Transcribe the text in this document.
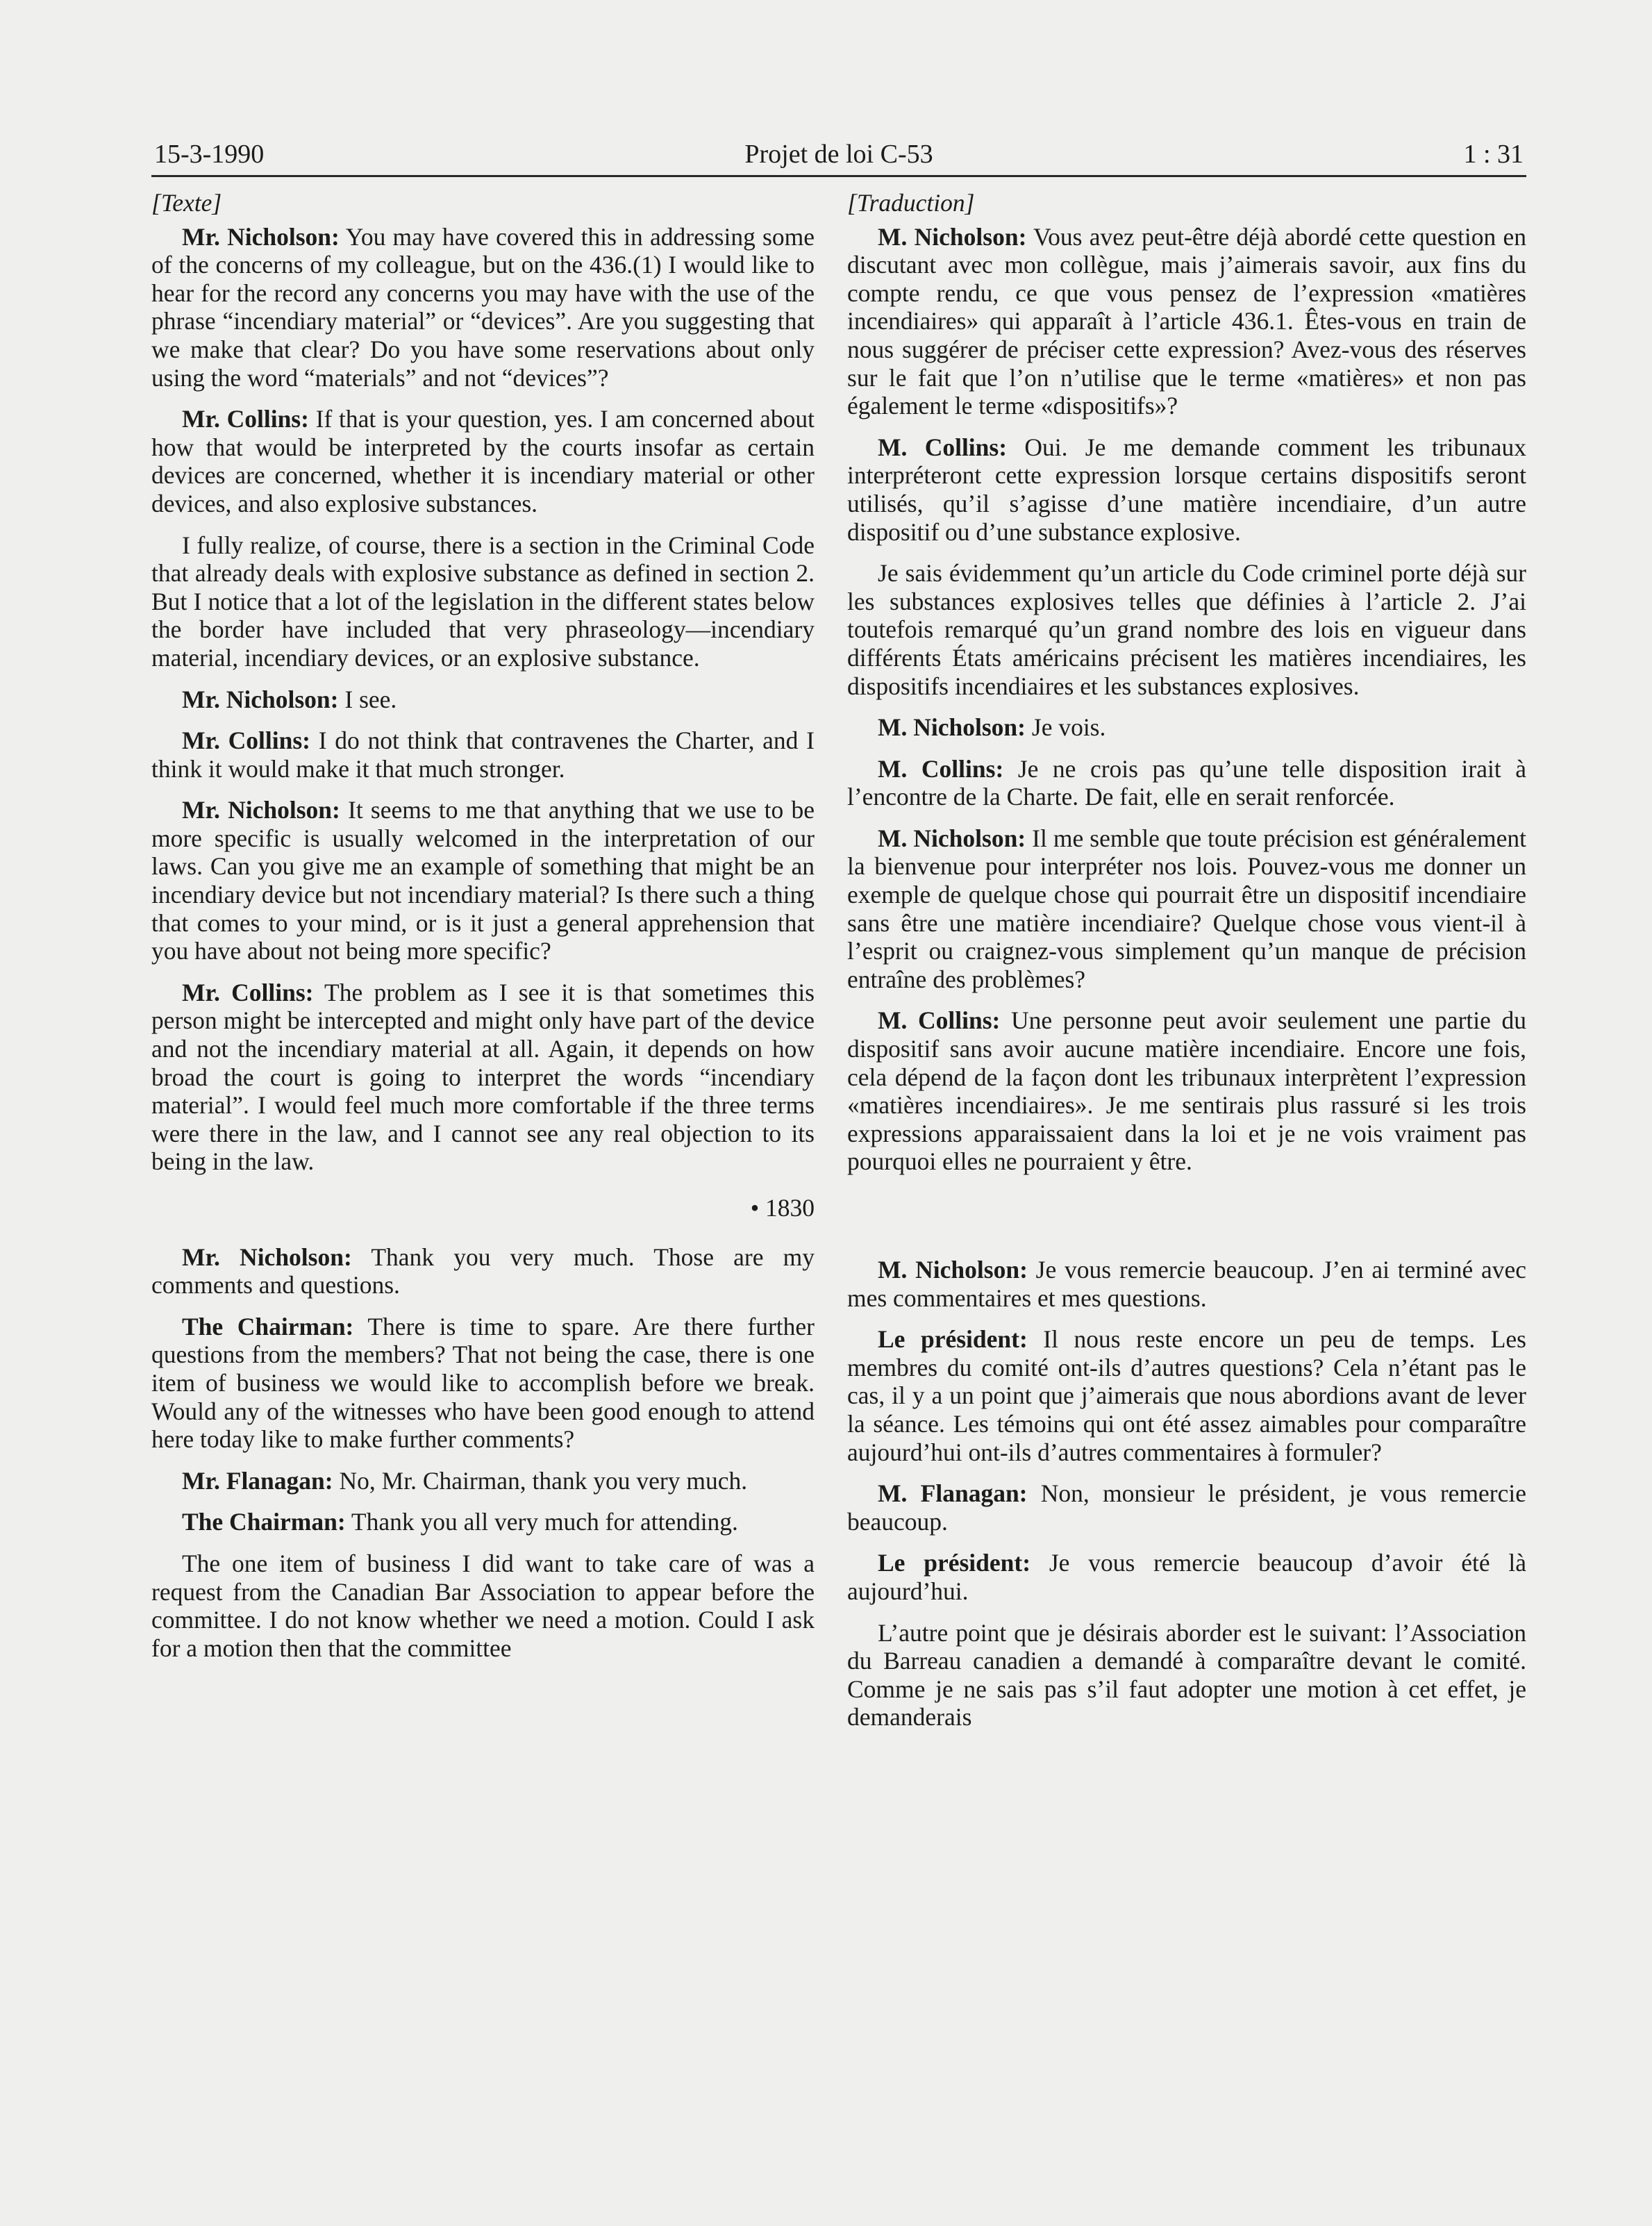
15-3-1990	Projet de loi C-53	1 : 31
[Texte]
Mr. Nicholson: You may have covered this in addressing some of the concerns of my colleague, but on the 436.(1) I would like to hear for the record any concerns you may have with the use of the phrase “incendiary material” or “devices”. Are you suggesting that we make that clear? Do you have some reservations about only using the word “materials” and not “devices”?
Mr. Collins: If that is your question, yes. I am concerned about how that would be interpreted by the courts insofar as certain devices are concerned, whether it is incendiary material or other devices, and also explosive substances.
I fully realize, of course, there is a section in the Criminal Code that already deals with explosive substance as defined in section 2. But I notice that a lot of the legislation in the different states below the border have included that very phraseology—incendiary material, incendiary devices, or an explosive substance.
Mr. Nicholson: I see.
Mr. Collins: I do not think that contravenes the Charter, and I think it would make it that much stronger.
Mr. Nicholson: It seems to me that anything that we use to be more specific is usually welcomed in the interpretation of our laws. Can you give me an example of something that might be an incendiary device but not incendiary material? Is there such a thing that comes to your mind, or is it just a general apprehension that you have about not being more specific?
Mr. Collins: The problem as I see it is that sometimes this person might be intercepted and might only have part of the device and not the incendiary material at all. Again, it depends on how broad the court is going to interpret the words “incendiary material”. I would feel much more comfortable if the three terms were there in the law, and I cannot see any real objection to its being in the law.
• 1830
Mr. Nicholson: Thank you very much. Those are my comments and questions.
The Chairman: There is time to spare. Are there further questions from the members? That not being the case, there is one item of business we would like to accomplish before we break. Would any of the witnesses who have been good enough to attend here today like to make further comments?
Mr. Flanagan: No, Mr. Chairman, thank you very much.
The Chairman: Thank you all very much for attending.
The one item of business I did want to take care of was a request from the Canadian Bar Association to appear before the committee. I do not know whether we need a motion. Could I ask for a motion then that the committee
[Traduction]
M. Nicholson: Vous avez peut-être déjà abordé cette question en discutant avec mon collègue, mais j’aimerais savoir, aux fins du compte rendu, ce que vous pensez de l’expression «matières incendiaires» qui apparaît à l’article 436.1. Êtes-vous en train de nous suggérer de préciser cette expression? Avez-vous des réserves sur le fait que l’on n’utilise que le terme «matières» et non pas également le terme «dispositifs»?
M. Collins: Oui. Je me demande comment les tribunaux interpréteront cette expression lorsque certains dispositifs seront utilisés, qu’il s’agisse d’une matière incendiaire, d’un autre dispositif ou d’une substance explosive.
Je sais évidemment qu’un article du Code criminel porte déjà sur les substances explosives telles que définies à l’article 2. J’ai toutefois remarqué qu’un grand nombre des lois en vigueur dans différents États américains précisent les matières incendiaires, les dispositifs incendiaires et les substances explosives.
M. Nicholson: Je vois.
M. Collins: Je ne crois pas qu’une telle disposition irait à l’encontre de la Charte. De fait, elle en serait renforcée.
M. Nicholson: Il me semble que toute précision est généralement la bienvenue pour interpréter nos lois. Pouvez-vous me donner un exemple de quelque chose qui pourrait être un dispositif incendiaire sans être une matière incendiaire? Quelque chose vous vient-il à l’esprit ou craignez-vous simplement qu’un manque de précision entraîne des problèmes?
M. Collins: Une personne peut avoir seulement une partie du dispositif sans avoir aucune matière incendiaire. Encore une fois, cela dépend de la façon dont les tribunaux interprètent l’expression «matières incendiaires». Je me sentirais plus rassuré si les trois expressions apparaissaient dans la loi et je ne vois vraiment pas pourquoi elles ne pourraient y être.
M. Nicholson: Je vous remercie beaucoup. J’en ai terminé avec mes commentaires et mes questions.
Le président: Il nous reste encore un peu de temps. Les membres du comité ont-ils d’autres questions? Cela n’étant pas le cas, il y a un point que j’aimerais que nous abordions avant de lever la séance. Les témoins qui ont été assez aimables pour comparaître aujourd’hui ont-ils d’autres commentaires à formuler?
M. Flanagan: Non, monsieur le président, je vous remercie beaucoup.
Le président: Je vous remercie beaucoup d’avoir été là aujourd’hui.
L’autre point que je désirais aborder est le suivant: l’Association du Barreau canadien a demandé à comparaître devant le comité. Comme je ne sais pas s’il faut adopter une motion à cet effet, je demanderais
